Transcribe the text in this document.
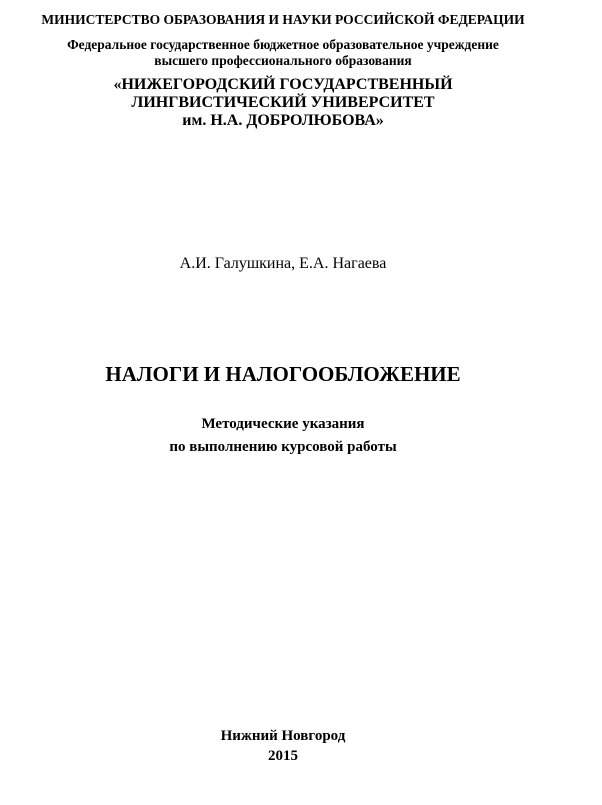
МИНИСТЕРСТВО ОБРАЗОВАНИЯ И НАУКИ РОССИЙСКОЙ ФЕДЕРАЦИИ
Федеральное государственное бюджетное образовательное учреждение
высшего профессионального образования
«НИЖЕГОРОДСКИЙ ГОСУДАРСТВЕННЫЙ
ЛИНГВИСТИЧЕСКИЙ УНИВЕРСИТЕТ
им. Н.А. ДОБРОЛЮБОВА»
А.И. Галушкина, Е.А. Нагаева
НАЛОГИ И НАЛОГООБЛОЖЕНИЕ
Методические указания
по выполнению курсовой работы
Нижний Новгород
2015
